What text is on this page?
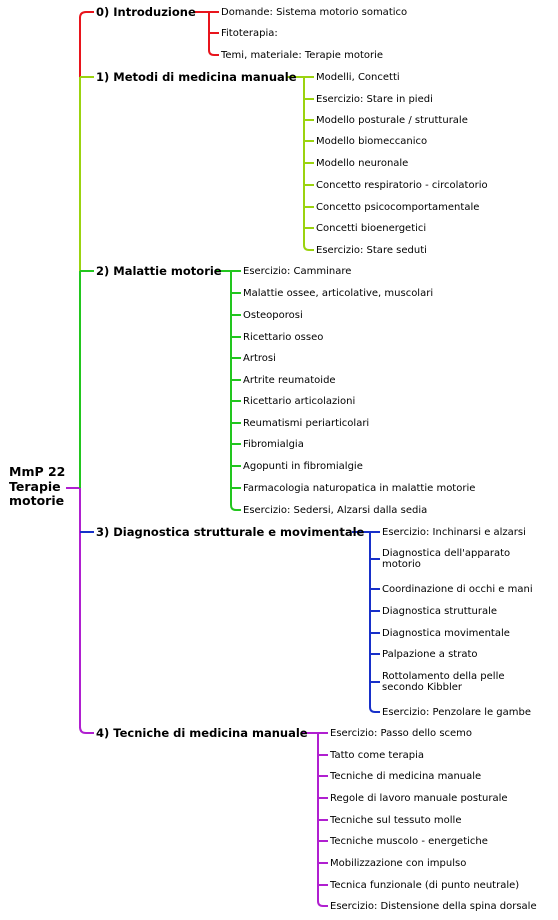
MmP 22 Terapie motorie
0) Introduzione	Domande: Sistema motorio somatico
Fitoterapia:
Temi, materiale: Terapie motorie
1) Metodi di medicina manuale Modelli, Concetti
Esercizio: Stare in piedi
Modello posturale / strutturale
Modello biomeccanico
Modello neuronale
Concetto respiratorio - circolatorio
Concetto psicocomportamentale
Concetti bioenergetici
Esercizio: Stare seduti
2) Malattie motorie Esercizio: Camminare
Malattie ossee, articolative, muscolari
Osteoporosi
Ricettario osseo
Artrosi
Artrite reumatoide
Ricettario articolazioni
Reumatismi periarticolari
Fibromialgia
Agopunti in fibromialgie
Farmacologia naturopatica in malattie motorie
Esercizio: Sedersi, Alzarsi dalla sedia
3) Diagnostica strutturale e movimentale Esercizio: Inchinarsi e alzarsi
Diagnostica dell'apparato motorio
Coordinazione di occhi e mani
Diagnostica strutturale
Diagnostica movimentale
Palpazione a strato
Rottolamento della pelle secondo Kibbler
Esercizio: Penzolare le gambe
4) Tecniche di medicina manuale Esercizio: Passo dello scemo
Tatto come terapia
Tecniche di medicina manuale
Regole di lavoro manuale posturale
Tecniche sul tessuto molle
Tecniche muscolo - energetiche
Mobilizzazione con impulso
Tecnica funzionale (di punto neutrale)
Esercizio: Distensione della spina dorsale
